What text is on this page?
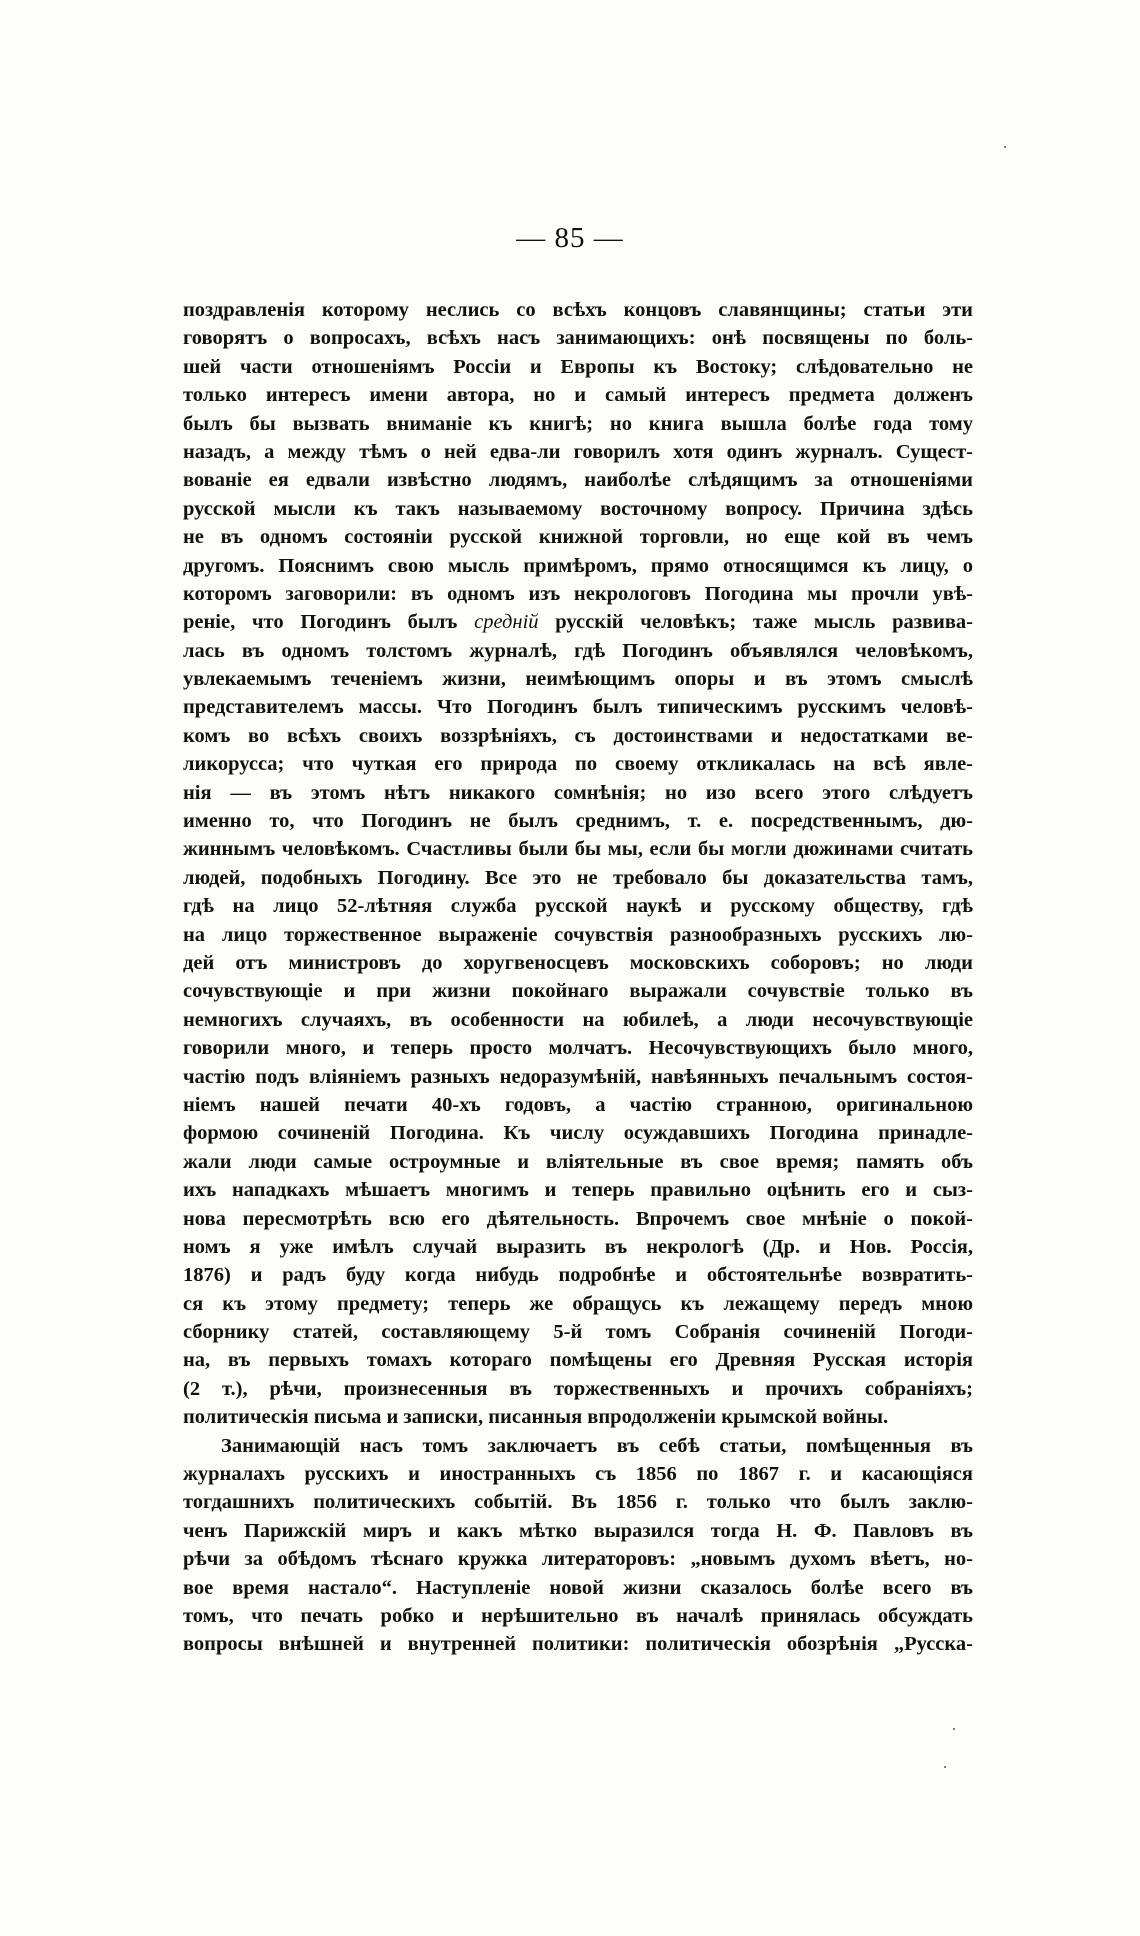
— 85 —
поздравленія которому неслись со всѣхъ концовъ славянщины; статьи эти
говорятъ о вопросахъ, всѣхъ насъ занимающихъ: онѣ посвящены по боль-
шей части отношеніямъ Россіи и Европы къ Востоку; слѣдовательно не
только интересъ имени автора, но и самый интересъ предмета долженъ
былъ бы вызвать вниманіе къ книгѣ; но книга вышла болѣе года тому
назадъ, а между тѣмъ о ней едва-ли говорилъ хотя одинъ журналъ. Сущест-
вованіе ея едвали извѣстно людямъ, наиболѣе слѣдящимъ за отношеніями
русской мысли къ такъ называемому восточному вопросу. Причина здѣсь
не въ одномъ состояніи русской книжной торговли, но еще кой въ чемъ
другомъ. Пояснимъ свою мысль примѣромъ, прямо относящимся къ лицу, о
которомъ заговорили: въ одномъ изъ некрологовъ Погодина мы прочли увѣ-
реніе, что Погодинъ былъ средній русскій человѣкъ; таже мысль развива-
лась въ одномъ толстомъ журналѣ, гдѣ Погодинъ объявлялся человѣкомъ,
увлекаемымъ теченіемъ жизни, неимѣющимъ опоры и въ этомъ смыслѣ
представителемъ массы. Что Погодинъ былъ типическимъ русскимъ человѣ-
комъ во всѣхъ своихъ воззрѣніяхъ, съ достоинствами и недостатками ве-
ликорусса; что чуткая его природа по своему откликалась на всѣ явле-
нія — въ этомъ нѣтъ никакого сомнѣнія; но изо всего этого слѣдуетъ
именно то, что Погодинъ не былъ среднимъ, т. е. посредственнымъ, дю-
жиннымъ человѣкомъ. Счастливы были бы мы, если бы могли дюжинами считать
людей, подобныхъ Погодину. Все это не требовало бы доказательства тамъ,
гдѣ на лицо 52-лѣтняя служба русской наукѣ и русскому обществу, гдѣ
на лицо торжественное выраженіе сочувствія разнообразныхъ русскихъ лю-
дей отъ министровъ до хоругвеносцевъ московскихъ соборовъ; но люди
сочувствующіе и при жизни покойнаго выражали сочувствіе только въ
немногихъ случаяхъ, въ особенности на юбилеѣ, а люди несочувствующіе
говорили много, и теперь просто молчатъ. Несочувствующихъ было много,
частію подъ вліяніемъ разныхъ недоразумѣній, навѣянныхъ печальнымъ состоя-
ніемъ нашей печати 40-хъ годовъ, а частію странною, оригинальною
формою сочиненій Погодина. Къ числу осуждавшихъ Погодина принадле-
жали люди самые остроумные и вліятельные въ свое время; память объ
ихъ нападкахъ мѣшаетъ многимъ и теперь правильно оцѣнить его и сыз-
нова пересмотрѣть всю его дѣятельность. Впрочемъ свое мнѣніе о покой-
номъ я уже имѣлъ случай выразить въ некрологѣ (Др. и Нов. Россія,
1876) и радъ буду когда нибудь подробнѣе и обстоятельнѣе возвратить-
ся къ этому предмету; теперь же обращусь къ лежащему передъ мною
сборнику статей, составляющему 5-й томъ Собранія сочиненій Погоди-
на, въ первыхъ томахъ котораго помѣщены его Древняя Русская исторія
(2 т.), рѣчи, произнесенныя въ торжественныхъ и прочихъ собраніяхъ;
политическія письма и записки, писанныя впродолженіи крымской войны.
Занимающій насъ томъ заключаетъ въ себѣ статьи, помѣщенныя въ
журналахъ русскихъ и иностранныхъ съ 1856 по 1867 г. и касающіяся
тогдашнихъ политическихъ событій. Въ 1856 г. только что былъ заклю-
ченъ Парижскій миръ и какъ мѣтко выразился тогда Н. Ф. Павловъ въ
рѣчи за обѣдомъ тѣснаго кружка литераторовъ: „новымъ духомъ вѣетъ, но-
вое время настало“. Наступленіе новой жизни сказалось болѣе всего въ
томъ, что печать робко и нерѣшительно въ началѣ принялась обсуждать
вопросы внѣшней и внутренней политики: политическія обозрѣнія „Русска-
